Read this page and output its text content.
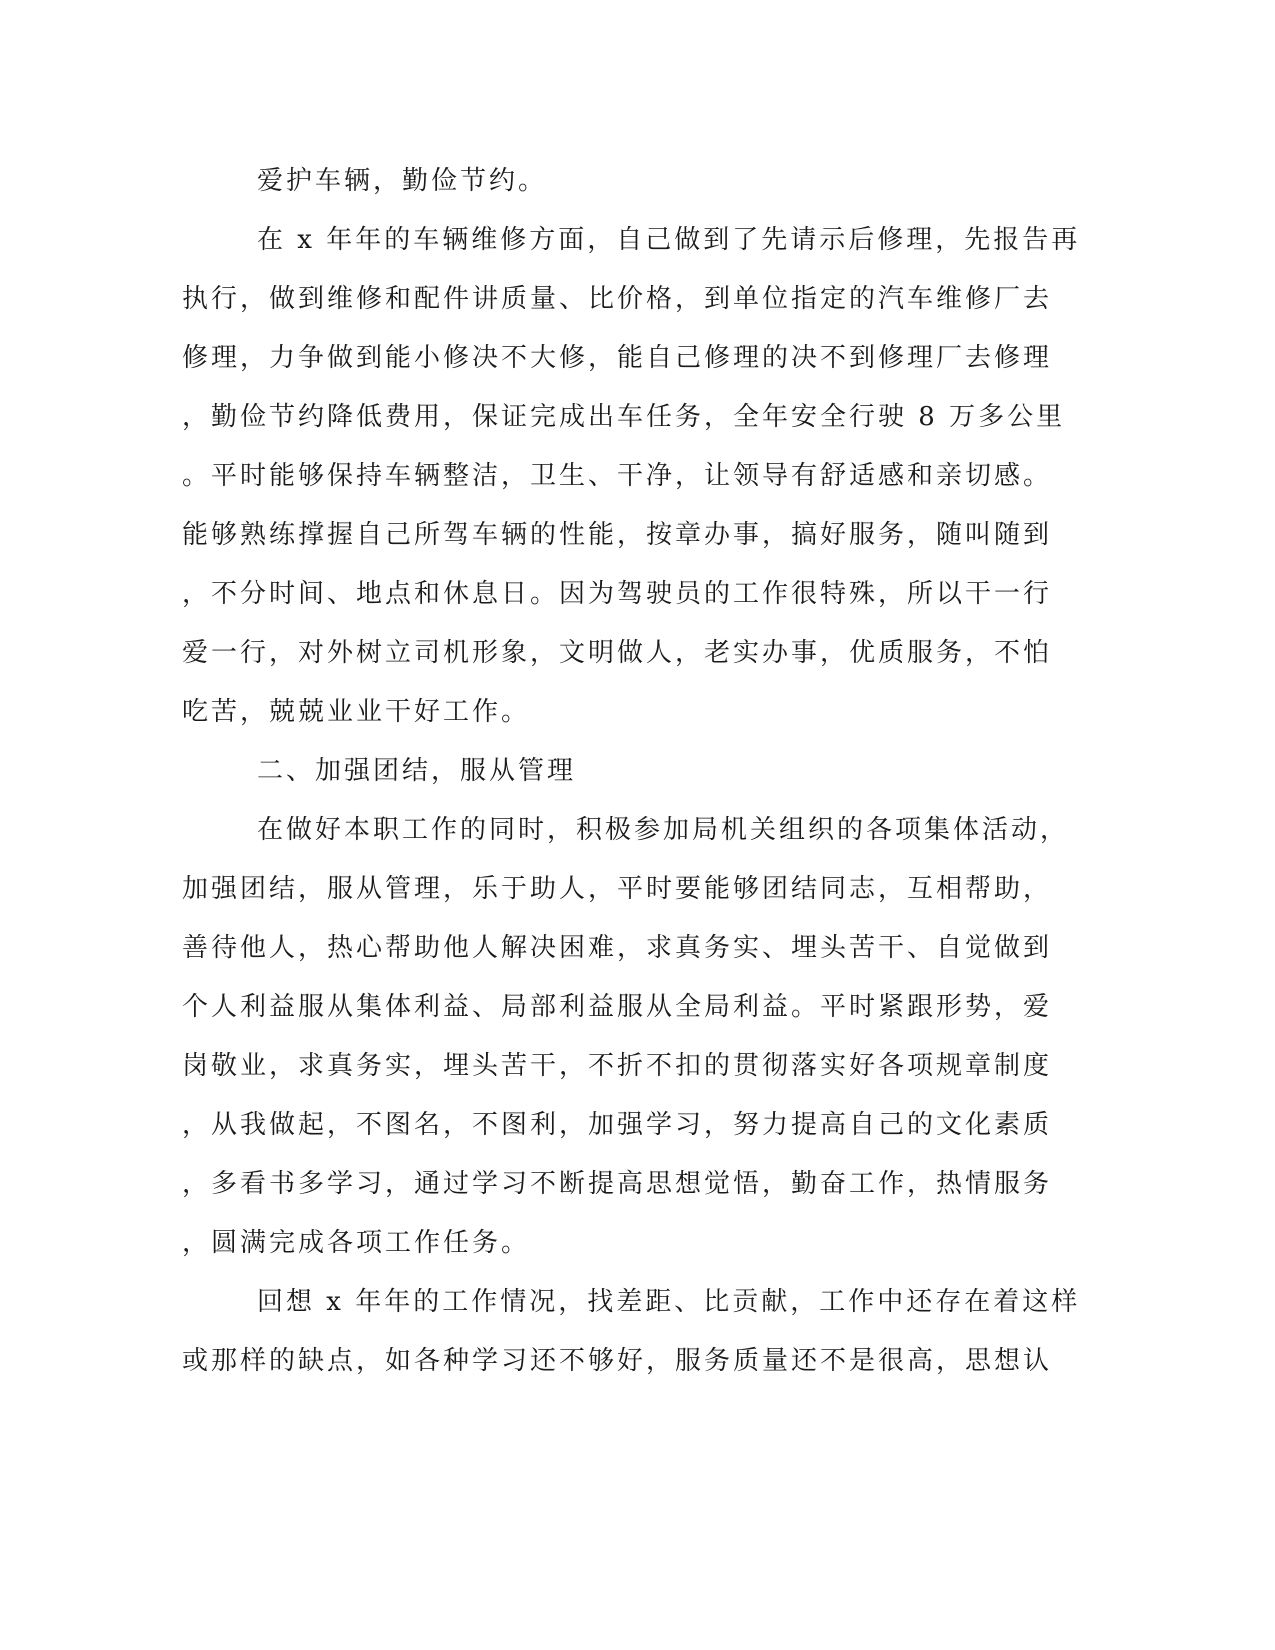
爱护车辆，勤俭节约。
在 x 年年的车辆维修方面，自己做到了先请示后修理，先报告再
执行，做到维修和配件讲质量、比价格，到单位指定的汽车维修厂去
修理，力争做到能小修决不大修，能自己修理的决不到修理厂去修理
，勤俭节约降低费用，保证完成出车任务，全年安全行驶 8 万多公里
。平时能够保持车辆整洁，卫生、干净，让领导有舒适感和亲切感。
能够熟练撑握自己所驾车辆的性能，按章办事，搞好服务，随叫随到
，不分时间、地点和休息日。因为驾驶员的工作很特殊，所以干一行
爱一行，对外树立司机形象，文明做人，老实办事，优质服务，不怕
吃苦，兢兢业业干好工作。
二、加强团结，服从管理
在做好本职工作的同时，积极参加局机关组织的各项集体活动，
加强团结，服从管理，乐于助人，平时要能够团结同志，互相帮助，
善待他人，热心帮助他人解决困难，求真务实、埋头苦干、自觉做到
个人利益服从集体利益、局部利益服从全局利益。平时紧跟形势，爱
岗敬业，求真务实，埋头苦干，不折不扣的贯彻落实好各项规章制度
，从我做起，不图名，不图利，加强学习，努力提高自己的文化素质
，多看书多学习，通过学习不断提高思想觉悟，勤奋工作，热情服务
，圆满完成各项工作任务。
回想 x 年年的工作情况，找差距、比贡献，工作中还存在着这样
或那样的缺点，如各种学习还不够好，服务质量还不是很高，思想认
